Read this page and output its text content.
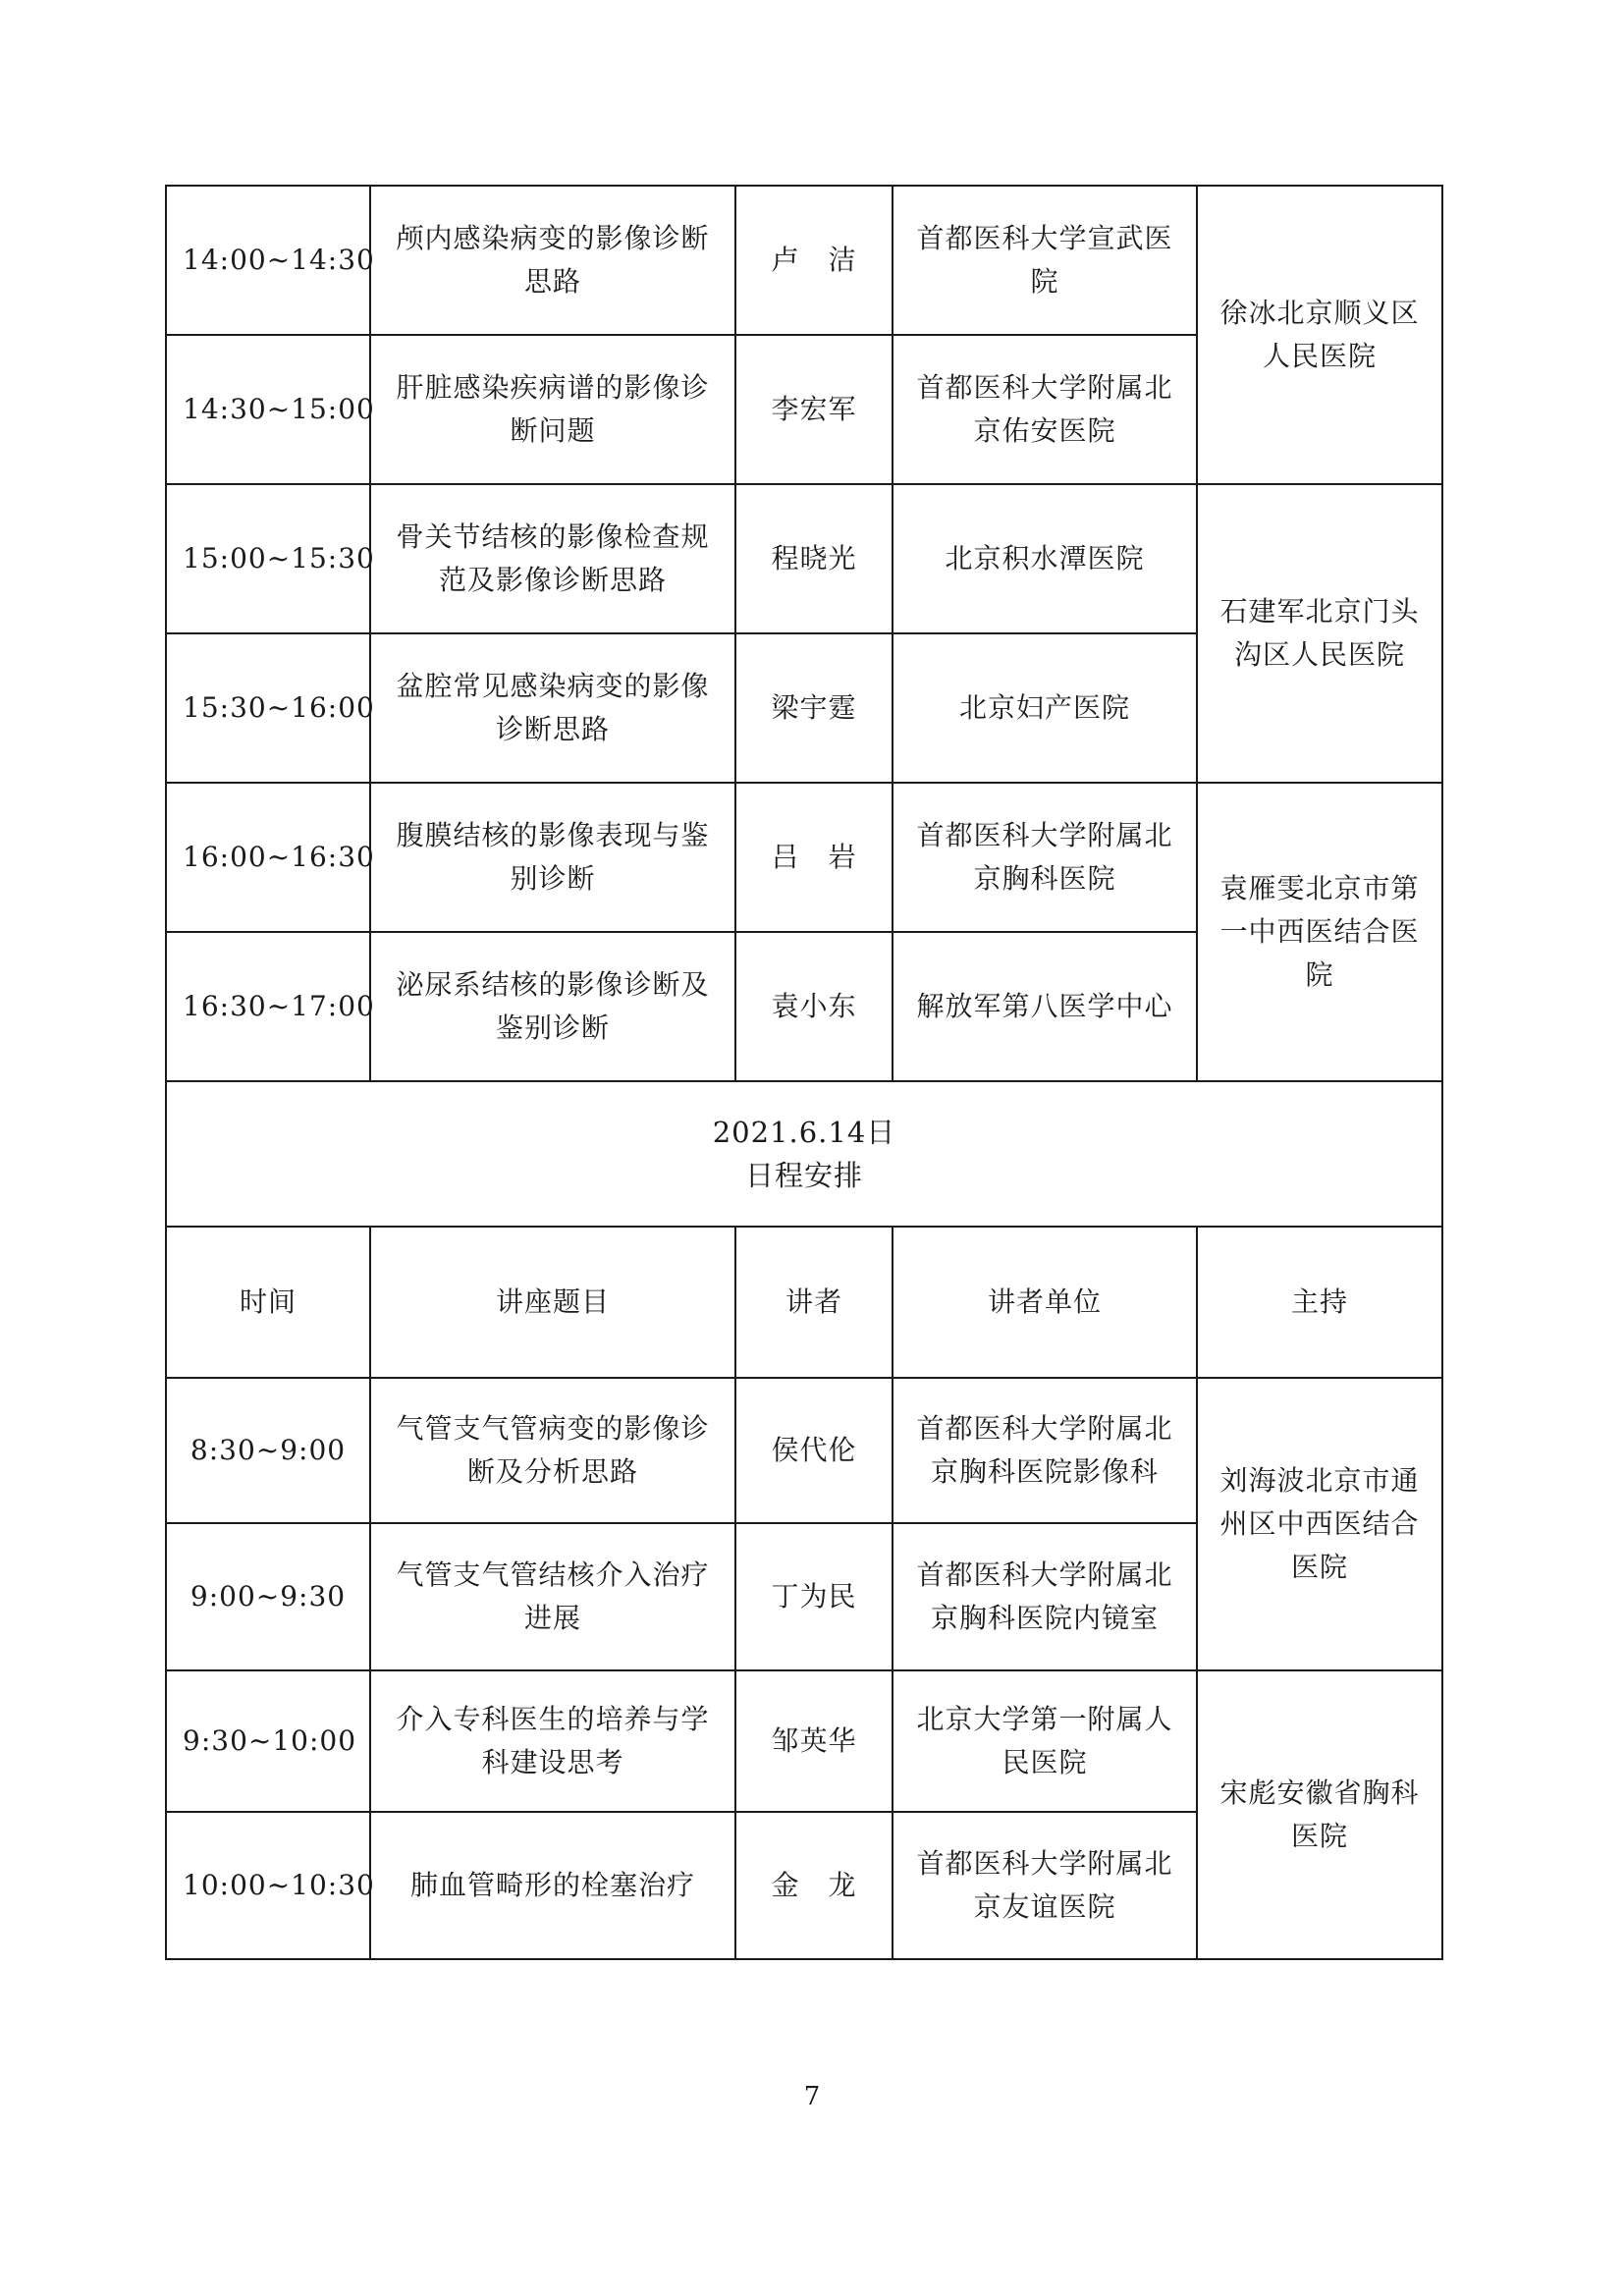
14:00~14:30	颅内感染病变的影像诊断思路	卢　洁	首都医科大学宣武医院	徐冰北京顺义区人民医院
14:30~15:00	肝脏感染疾病谱的影像诊断问题	李宏军	首都医科大学附属北京佑安医院	
15:00~15:30	骨关节结核的影像检查规范及影像诊断思路	程晓光	北京积水潭医院	石建军北京门头沟区人民医院
15:30~16:00	盆腔常见感染病变的影像诊断思路	梁宇霆	北京妇产医院	
16:00~16:30	腹膜结核的影像表现与鉴别诊断	吕　岩	首都医科大学附属北京胸科医院	袁雁雯北京市第一中西医结合医院
16:30~17:00	泌尿系结核的影像诊断及鉴别诊断	袁小东	解放军第八医学中心	

2021.6.14日
日程安排				

时间	讲座题目	讲者	讲者单位	主持
8:30~9:00	气管支气管病变的影像诊断及分析思路	侯代伦	首都医科大学附属北京胸科医院影像科	刘海波北京市通州区中西医结合医院
9:00~9:30	气管支气管结核介入治疗进展	丁为民	首都医科大学附属北京胸科医院内镜室	
9:30~10:00	介入专科医生的培养与学科建设思考	邹英华	北京大学第一附属人民医院	宋彪安徽省胸科医院
10:00~10:30	肺血管畸形的栓塞治疗	金　龙	首都医科大学附属北京友谊医院	
7
